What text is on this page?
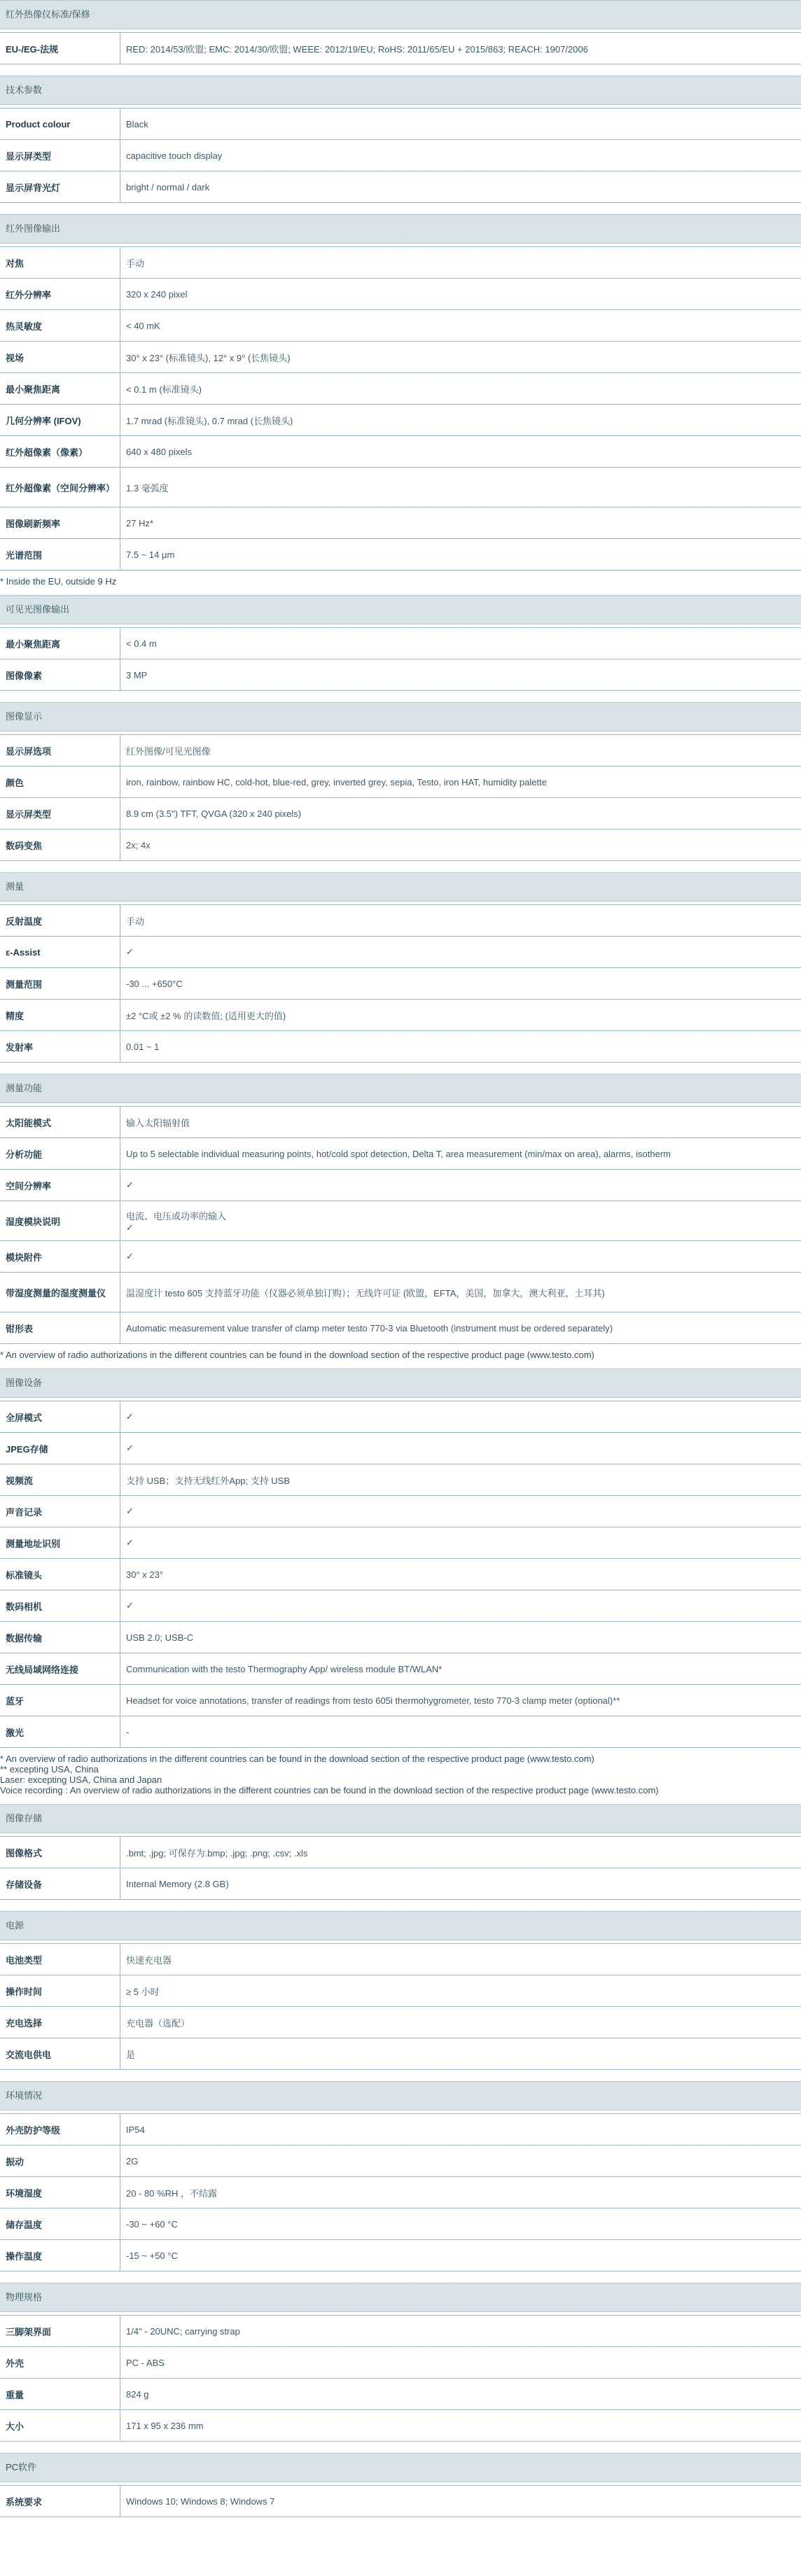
红外热像仪标准/保修
EU-/EG-法规	RED: 2014/53/欧盟; EMC: 2014/30/欧盟; WEEE: 2012/19/EU; RoHS: 2011/65/EU + 2015/863; REACH: 1907/2006
技术参数
Product colour	Black
显示屏类型	capacitive touch display
显示屏背光灯	bright / normal / dark
红外图像输出
对焦	手动
红外分辨率	320 x 240 pixel
热灵敏度	< 40 mK
视场	30° x 23° (标准镜头), 12° x 9° (长焦镜头)
最小聚焦距离	< 0.1 m (标准镜头)
几何分辨率 (IFOV)	1.7 mrad (标准镜头), 0.7 mrad (长焦镜头)
红外超像素（像素）	640 x 480 pixels
红外超像素（空间分辨率）	1.3 毫弧度
图像刷新频率	27 Hz*
光谱范围	7.5 ~ 14 µm
* Inside the EU, outside 9 Hz
可见光图像输出
最小聚焦距离	< 0.4 m
图像像素	3 MP
图像显示
显示屏选项	红外图像/可见光图像
颜色	iron, rainbow, rainbow HC, cold-hot, blue-red, grey, inverted grey, sepia, Testo, iron HAT, humidity palette
显示屏类型	8.9 cm (3.5") TFT, QVGA (320 x 240 pixels)
数码变焦	2x; 4x
测量
反射温度	手动
ε-Assist	✓
测量范围	-30 ... +650°C
精度	±2 °C或 ±2 % 的读数值; (适用更大的值)
发射率	0.01 ~ 1
测量功能
太阳能模式	输入太阳辐射值
分析功能	Up to 5 selectable individual measuring points, hot/cold spot detection, Delta T, area measurement (min/max on area), alarms, isotherm
空间分辨率	✓
湿度模块说明	电流、电压或功率的输入
✓
模块附件	✓
带湿度测量的湿度测量仪	温湿度计 testo 605 支持蓝牙功能（仪器必须单独订购）；无线许可证 (欧盟，EFTA，美国，加拿大，澳大利亚，土耳其)
钳形表	Automatic measurement value transfer of clamp meter testo 770-3 via Bluetooth (instrument must be ordered separately)
* An overview of radio authorizations in the different countries can be found in the download section of the respective product page (www.testo.com)
图像设备
全屏模式	✓
JPEG存储	✓
视频流	支持 USB；支持无线红外App; 支持 USB
声音记录	✓
测量地址识别	✓
标准镜头	30° x 23°
数码相机	✓
数据传输	USB 2.0; USB-C
无线局域网络连接	Communication with the testo Thermography App/ wireless module BT/WLAN*
蓝牙	Headset for voice annotations, transfer of readings from testo 605i thermohygrometer, testo 770-3 clamp meter (optional)**
激光	-
* An overview of radio authorizations in the different countries can be found in the download section of the respective product page (www.testo.com)
** excepting USA, China
Laser: excepting USA, China and Japan
Voice recording : An overview of radio authorizations in the different countries can be found in the download section of the respective product page (www.testo.com)
图像存储
图像格式	.bmt; .jpg; 可保存为.bmp; .jpg; .png; .csv; .xls
存储设备	Internal Memory (2.8 GB)
电源
电池类型	快速充电器
操作时间	≥ 5 小时
充电选择	充电器（选配）
交流电供电	是
环境情况
外壳防护等级	IP54
振动	2G
环境湿度	20 - 80 %RH ，不结露
储存温度	-30 ~ +60 °C
操作温度	-15 ~ +50 °C
物理规格
三脚架界面	1/4" - 20UNC; carrying strap
外壳	PC - ABS
重量	824 g
大小	171 x 95 x 236 mm
PC软件
系统要求	Windows 10; Windows 8; Windows 7
